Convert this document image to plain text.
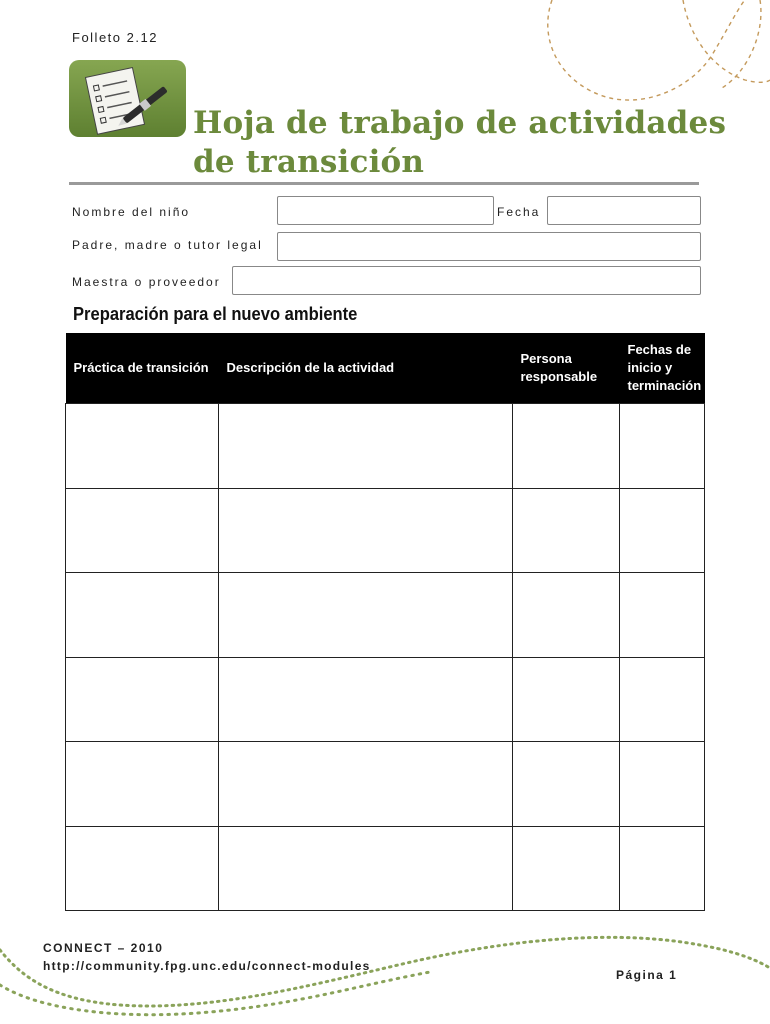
Folleto 2.12
Hoja de trabajo de actividades
de transición
Nombre del niño	Fecha
Padre, madre o tutor legal
Maestra o proveedor
Preparación para el nuevo ambiente
Práctica de transición	Descripción de la actividad	Persona responsable	Fechas de inicio y terminación

CONNECT – 2010
http://community.fpg.unc.edu/connect-modules
Página 1
